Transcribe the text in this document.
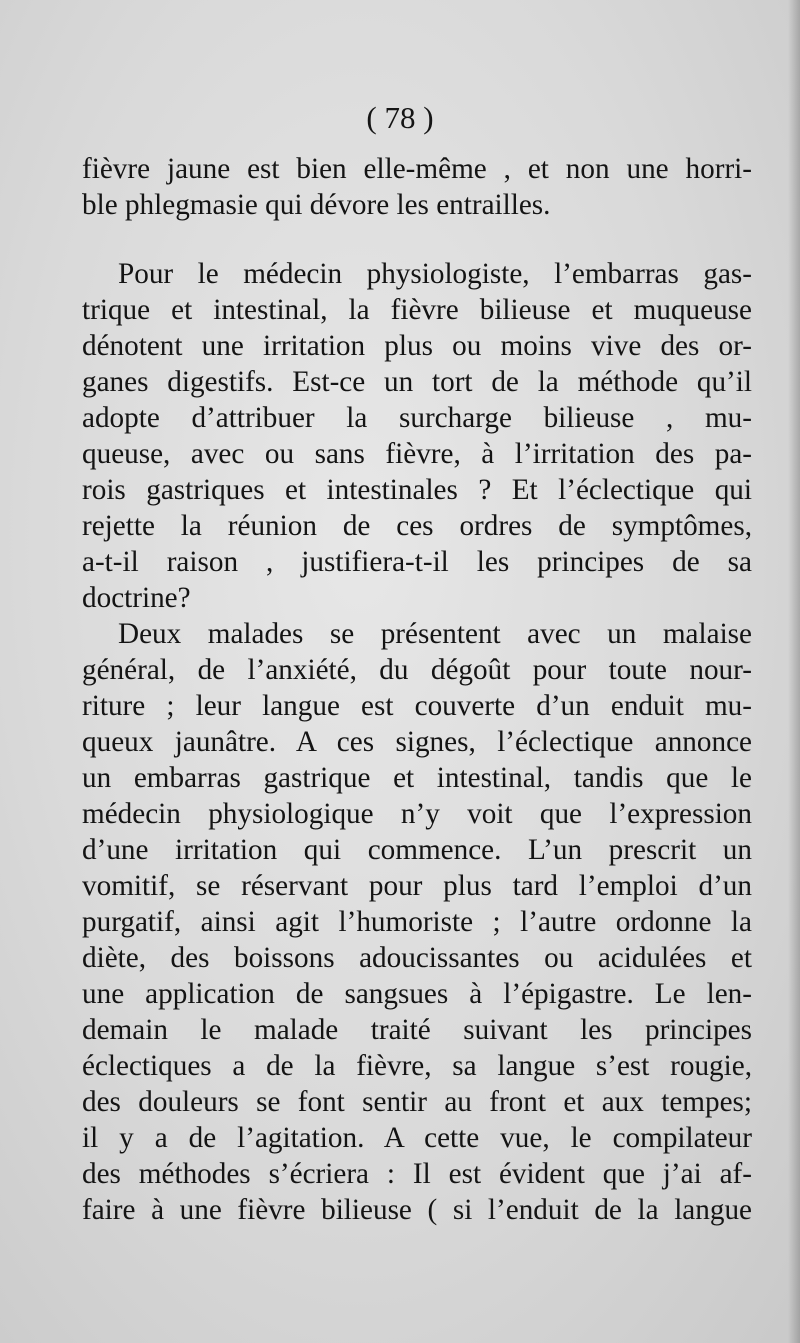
( 78 )
fièvre jaune est bien elle-même , et non une horri-
ble phlegmasie qui dévore les entrailles.
Pour le médecin physiologiste, l’embarras gas-
trique et intestinal, la fièvre bilieuse et muqueuse
dénotent une irritation plus ou moins vive des or-
ganes digestifs. Est-ce un tort de la méthode qu’il
adopte d’attribuer la surcharge bilieuse , mu-
queuse, avec ou sans fièvre, à l’irritation des pa-
rois gastriques et intestinales ? Et l’éclectique qui
rejette la réunion de ces ordres de symptômes,
a-t-il raison , justifiera-t-il les principes de sa
doctrine?
Deux malades se présentent avec un malaise
général, de l’anxiété, du dégoût pour toute nour-
riture ; leur langue est couverte d’un enduit mu-
queux jaunâtre. A ces signes, l’éclectique annonce
un embarras gastrique et intestinal, tandis que le
médecin physiologique n’y voit que l’expression
d’une irritation qui commence. L’un prescrit un
vomitif, se réservant pour plus tard l’emploi d’un
purgatif, ainsi agit l’humoriste ; l’autre ordonne la
diète, des boissons adoucissantes ou acidulées et
une application de sangsues à l’épigastre. Le len-
demain le malade traité suivant les principes
éclectiques a de la fièvre, sa langue s’est rougie,
des douleurs se font sentir au front et aux tempes;
il y a de l’agitation. A cette vue, le compilateur
des méthodes s’écriera : Il est évident que j’ai af-
faire à une fièvre bilieuse ( si l’enduit de la langue
